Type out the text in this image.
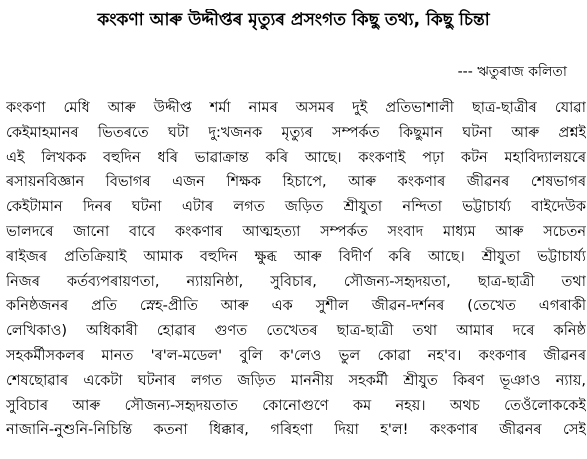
কংকণা আৰু উদ্দীপ্তৰ মৃত্যুৰ প্ৰসংগত কিছু তথ্য, কিছু চিন্তা
--- ঋতুৰাজ কলিতা
কংকণা মেধি আৰু উদ্দীপ্ত শৰ্মা নামৰ অসমৰ দুই প্ৰতিভাশালী ছাত্ৰ-ছাত্ৰীৰ যোৱা
কেইমাহমানৰ ভিতৰতে ঘটা দু:খজনক মৃত্যুৰ সম্পৰ্কত কিছুমান ঘটনা আৰু প্ৰশ্নই
এই লিখকক বহুদিন ধৰি ভাৱাক্ৰান্ত কৰি আছে। কংকণাই পঢ়া কটন মহাবিদ্যালয়ৰে
ৰসায়নবিজ্ঞান বিভাগৰ এজন শিক্ষক হিচাপে, আৰু কংকণাৰ জীৱনৰ শেষভাগৰ
কেইটামান দিনৰ ঘটনা এটাৰ লগত জড়িত শ্ৰীযুতা নন্দিতা ভট্টাচাৰ্য্য বাইদেউক
ভালদৰে জানো বাবে কংকণাৰ আত্মহত্যা সম্পৰ্কত সংবাদ মাধ্যম আৰু সচেতন
ৰাইজৰ প্ৰতিক্ৰিয়াই আমাক বহুদিন ক্ষুব্ধ আৰু বিদীৰ্ণ কৰি আছে। শ্ৰীযুতা ভট্টাচাৰ্য্য
নিজৰ কৰ্তব্যপৰায়ণতা, ন্যায়নিষ্ঠা, সুবিচাৰ, সৌজন্য-সহৃদয়তা, ছাত্ৰ-ছাত্ৰী তথা
কনিষ্ঠজনৰ প্ৰতি স্নেহ-প্ৰীতি আৰু এক সুশীল জীৱন-দৰ্শনৰ (তেখেত এগৰাকী
লেখিকাও) অধিকাৰী হোৱাৰ গুণত তেখেতৰ ছাত্ৰ-ছাত্ৰী তথা আমাৰ দৰে কনিষ্ঠ
সহকৰ্মীসকলৰ মানত 'ৰ'ল-মডেল' বুলি ক'লেও ভুল কোৱা নহ'ব। কংকণাৰ জীৱনৰ
শেষছোৱাৰ একেটা ঘটনাৰ লগত জড়িত মাননীয় সহকৰ্মী শ্ৰীযুত কিৰণ ভূঞাও ন্যায়,
সুবিচাৰ আৰু সৌজন্য-সহৃদয়তাত কোনোগুণে কম নহয়। অথচ তেওঁলোককেই
নাজানি-নুশুনি-নিচিন্তি কতনা ধিক্কাৰ, গৰিহণা দিয়া হ'ল! কংকণাৰ জীৱনৰ সেই
